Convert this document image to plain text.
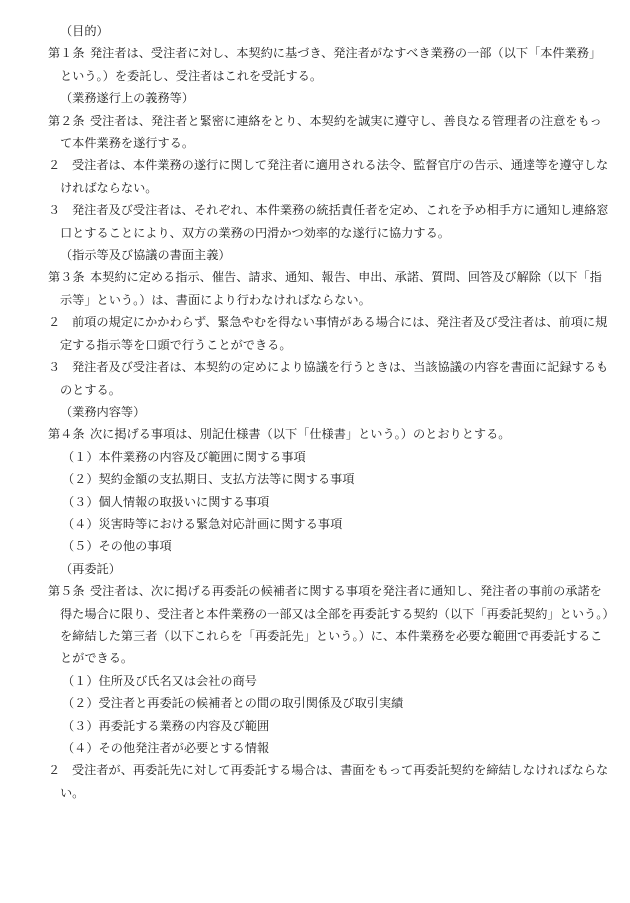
（目的）
第１条 発注者は、受注者に対し、本契約に基づき、発注者がなすべき業務の一部（以下「本件業務」
という。）を委託し、受注者はこれを受託する。
（業務遂行上の義務等）
第２条 受注者は、発注者と緊密に連絡をとり、本契約を誠実に遵守し、善良なる管理者の注意をもっ
て本件業務を遂行する。
２ 受注者は、本件業務の遂行に関して発注者に適用される法令、監督官庁の告示、通達等を遵守しな
ければならない。
３ 発注者及び受注者は、それぞれ、本件業務の統括責任者を定め、これを予め相手方に通知し連絡窓
口とすることにより、双方の業務の円滑かつ効率的な遂行に協力する。
（指示等及び協議の書面主義）
第３条 本契約に定める指示、催告、請求、通知、報告、申出、承諾、質問、回答及び解除（以下「指
示等」という。）は、書面により行わなければならない。
２ 前項の規定にかかわらず、緊急やむを得ない事情がある場合には、発注者及び受注者は、前項に規
定する指示等を口頭で行うことができる。
３ 発注者及び受注者は、本契約の定めにより協議を行うときは、当該協議の内容を書面に記録するも
のとする。
（業務内容等）
第４条 次に掲げる事項は、別記仕様書（以下「仕様書」という。）のとおりとする。
（１）本件業務の内容及び範囲に関する事項
（２）契約金額の支払期日、支払方法等に関する事項
（３）個人情報の取扱いに関する事項
（４）災害時等における緊急対応計画に関する事項
（５）その他の事項
（再委託）
第５条 受注者は、次に掲げる再委託の候補者に関する事項を発注者に通知し、発注者の事前の承諾を
得た場合に限り、受注者と本件業務の一部又は全部を再委託する契約（以下「再委託契約」という。）
を締結した第三者（以下これらを「再委託先」という。）に、本件業務を必要な範囲で再委託するこ
とができる。
（１）住所及び氏名又は会社の商号
（２）受注者と再委託の候補者との間の取引関係及び取引実績
（３）再委託する業務の内容及び範囲
（４）その他発注者が必要とする情報
２ 受注者が、再委託先に対して再委託する場合は、書面をもって再委託契約を締結しなければならな
い。
